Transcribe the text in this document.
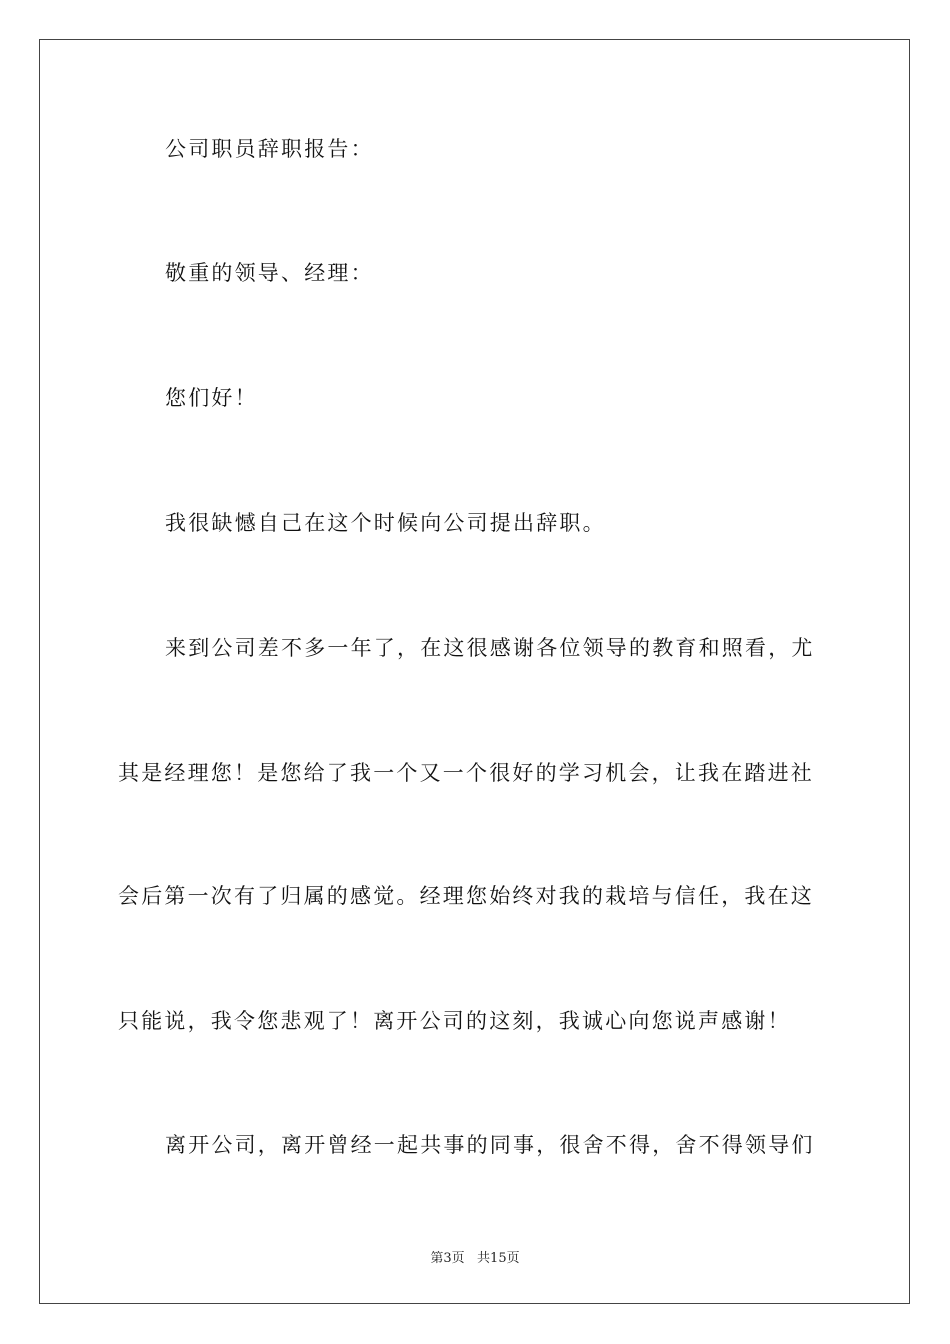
公司职员辞职报告：
敬重的领导、经理：
您们好！
我很缺憾自己在这个时候向公司提出辞职。
来到公司差不多一年了，在这很感谢各位领导的教育和照看，尤
其是经理您！是您给了我一个又一个很好的学习机会，让我在踏进社
会后第一次有了归属的感觉。经理您始终对我的栽培与信任，我在这
只能说，我令您悲观了！离开公司的这刻，我诚心向您说声感谢！
离开公司，离开曾经一起共事的同事，很舍不得，舍不得领导们
第3页   共15页
